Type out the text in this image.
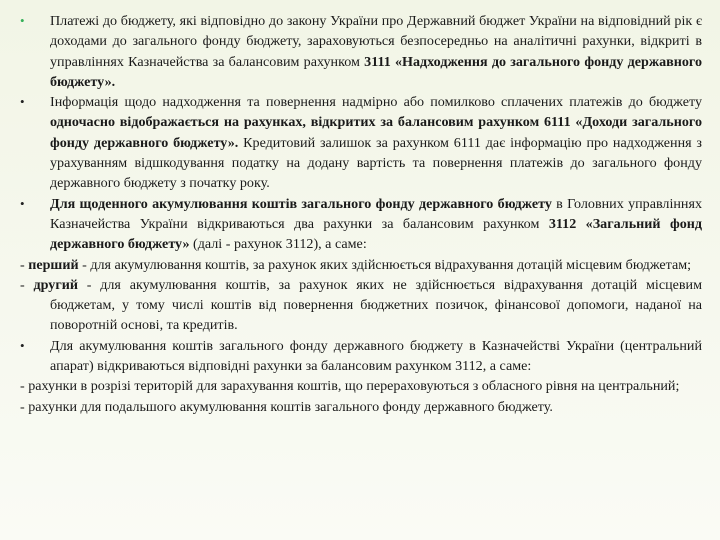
•	Платежі до бюджету, які відповідно до закону України про Державний бюджет України на відповідний рік є доходами до загального фонду бюджету, зараховуються безпосередньо на аналітичні рахунки, відкриті в управліннях Казначейства за балансовим рахунком 3111 «Надходження до загального фонду державного бюджету».
•	Інформація щодо надходження та повернення надмірно або помилково сплачених платежів до бюджету одночасно відображається на рахунках, відкритих за балансовим рахунком 6111 «Доходи загального фонду державного бюджету». Кредитовий залишок за рахунком 6111 дає інформацію про надходження з урахуванням відшкодування податку на додану вартість та повернення платежів до загального фонду державного бюджету з початку року.
•	Для щоденного акумулювання коштів загального фонду державного бюджету в Головних управліннях Казначейства України відкриваються два рахунки за балансовим рахунком 3112 «Загальний фонд державного бюджету» (далі - рахунок 3112), а саме:
- перший - для акумулювання коштів, за рахунок яких здійснюється відрахування дотацій місцевим бюджетам;
- другий - для акумулювання коштів, за рахунок яких не здійснюється відрахування дотацій місцевим бюджетам, у тому числі коштів від повернення бюджетних позичок, фінансової допомоги, наданої на поворотній основі, та кредитів.
•	Для акумулювання коштів загального фонду державного бюджету в Казначействі України (центральний апарат) відкриваються відповідні рахунки за балансовим рахунком 3112, а саме:
- рахунки в розрізі територій для зарахування коштів, що перераховуються з обласного рівня на центральний;
- рахунки для подальшого акумулювання коштів загального фонду державного бюджету.
